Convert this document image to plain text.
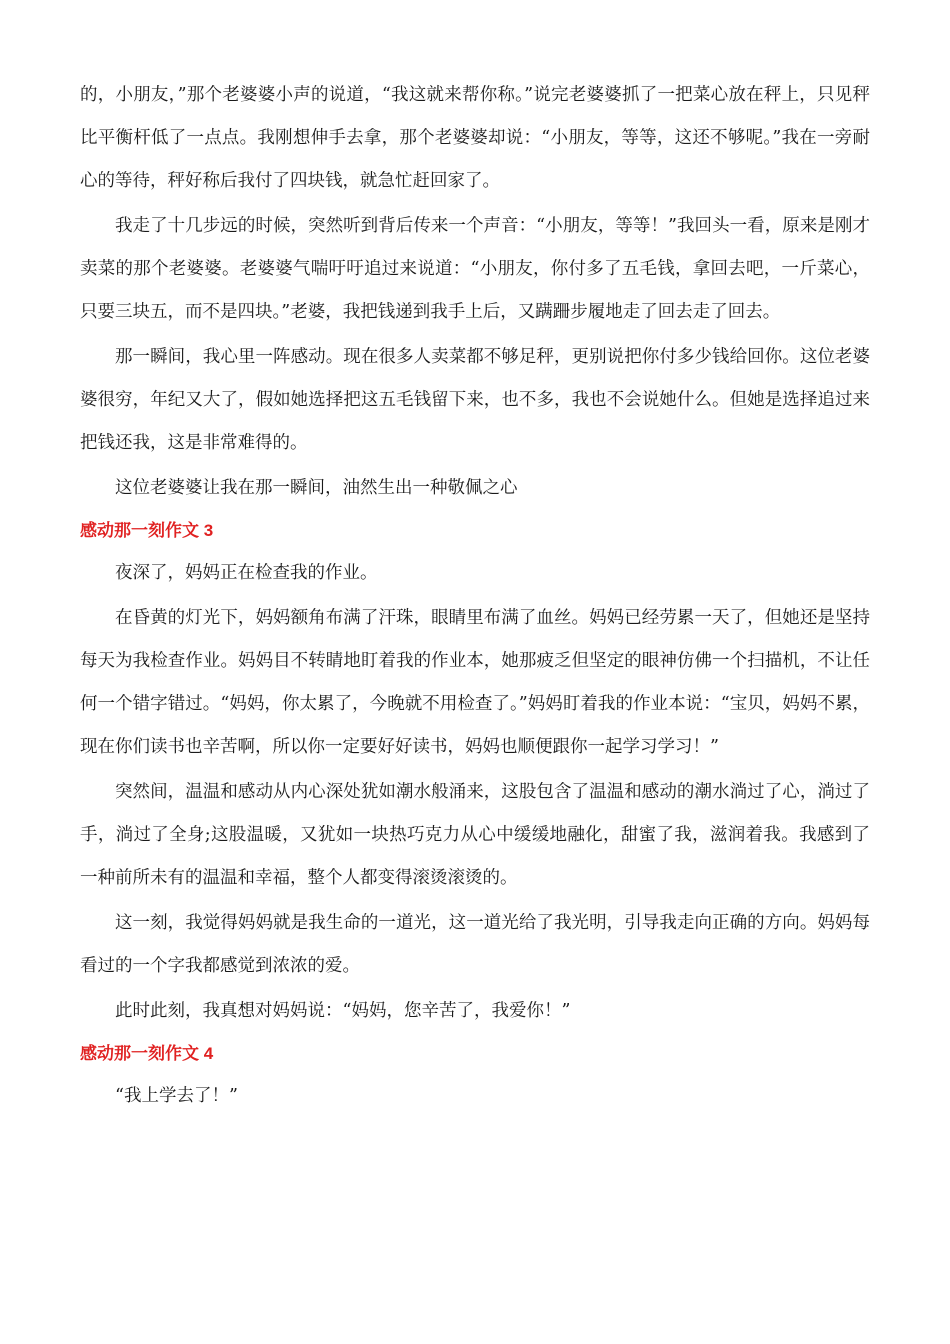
的，小朋友，”那个老婆婆小声的说道，“我这就来帮你称。”说完老婆婆抓了一把菜心放在秤上，只见秤比平衡杆低了一点点。我刚想伸手去拿，那个老婆婆却说：“小朋友，等等，这还不够呢。”我在一旁耐心的等待，秤好称后我付了四块钱，就急忙赶回家了。

我走了十几步远的时候，突然听到背后传来一个声音：“小朋友，等等！”我回头一看，原来是刚才卖菜的那个老婆婆。老婆婆气喘吁吁追过来说道：“小朋友，你付多了五毛钱，拿回去吧，一斤菜心，只要三块五，而不是四块。”老婆，我把钱递到我手上后，又蹒跚步履地走了回去走了回去。

那一瞬间，我心里一阵感动。现在很多人卖菜都不够足秤，更别说把你付多少钱给回你。这位老婆婆很穷，年纪又大了，假如她选择把这五毛钱留下来，也不多，我也不会说她什么。但她是选择追过来把钱还我，这是非常难得的。

这位老婆婆让我在那一瞬间，油然生出一种敬佩之心

感动那一刻作文 3

夜深了，妈妈正在检查我的作业。

在昏黄的灯光下，妈妈额角布满了汗珠，眼睛里布满了血丝。妈妈已经劳累一天了，但她还是坚持每天为我检查作业。妈妈目不转睛地盯着我的作业本，她那疲乏但坚定的眼神仿佛一个扫描机，不让任何一个错字错过。“妈妈，你太累了，今晚就不用检查了。”妈妈盯着我的作业本说：“宝贝，妈妈不累，现在你们读书也辛苦啊，所以你一定要好好读书，妈妈也顺便跟你一起学习学习！”

突然间，温温和感动从内心深处犹如潮水般涌来，这股包含了温温和感动的潮水淌过了心，淌过了手，淌过了全身;这股温暖，又犹如一块热巧克力从心中缓缓地融化，甜蜜了我，滋润着我。我感到了一种前所未有的温温和幸福，整个人都变得滚烫滚烫的。

这一刻，我觉得妈妈就是我生命的一道光，这一道光给了我光明，引导我走向正确的方向。妈妈每看过的一个字我都感觉到浓浓的爱。

此时此刻，我真想对妈妈说：“妈妈，您辛苦了，我爱你！”

感动那一刻作文 4

“我上学去了！”
